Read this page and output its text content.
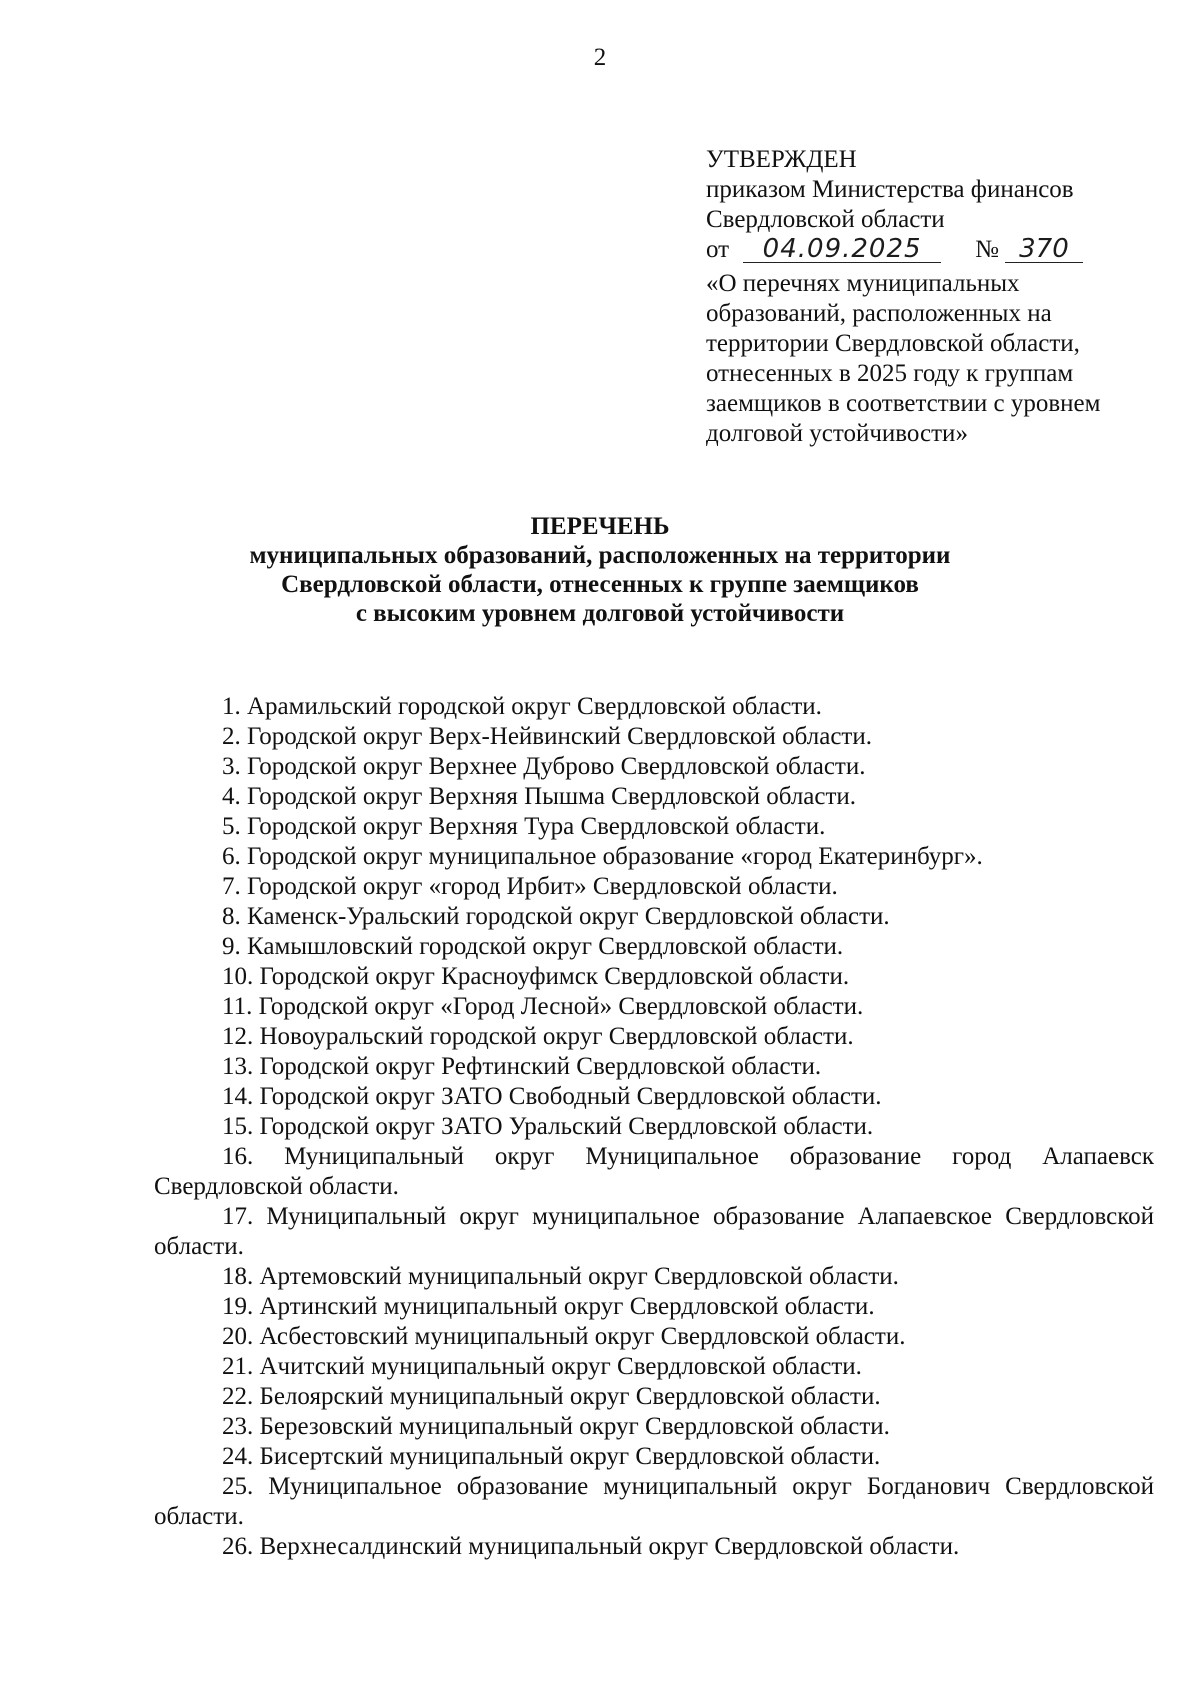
2
УТВЕРЖДЕН
приказом Министерства финансов
Свердловской области
от 04.09.2025 № 370
«О перечнях муниципальных
образований, расположенных на
территории Свердловской области,
отнесенных в 2025 году к группам
заемщиков в соответствии с уровнем
долговой устойчивости»
ПЕРЕЧЕНЬ
муниципальных образований, расположенных на территории
Свердловской области, отнесенных к группе заемщиков
с высоким уровнем долговой устойчивости

1. Арамильский городской округ Свердловской области.

2. Городской округ Верх-Нейвинский Свердловской области.

3. Городской округ Верхнее Дуброво Свердловской области.

4. Городской округ Верхняя Пышма Свердловской области.

5. Городской округ Верхняя Тура Свердловской области.

6. Городской округ муниципальное образование «город Екатеринбург».

7. Городской округ «город Ирбит» Свердловской области.

8. Каменск-Уральский городской округ Свердловской области.

9. Камышловский городской округ Свердловской области.

10. Городской округ Красноуфимск Свердловской области.

11. Городской округ «Город Лесной» Свердловской области.

12. Новоуральский городской округ Свердловской области.

13. Городской округ Рефтинский Свердловской области.

14. Городской округ ЗАТО Свободный Свердловской области.

15. Городской округ ЗАТО Уральский Свердловской области.

16. Муниципальный округ Муниципальное образование город Алапаевск Свердловской области.

17. Муниципальный округ муниципальное образование Алапаевское Свердловской области.

18. Артемовский муниципальный округ Свердловской области.

19. Артинский муниципальный округ Свердловской области.

20. Асбестовский муниципальный округ Свердловской области.

21. Ачитский муниципальный округ Свердловской области.

22. Белоярский муниципальный округ Свердловской области.

23. Березовский муниципальный округ Свердловской области.

24. Бисертский муниципальный округ Свердловской области.

25. Муниципальное образование муниципальный округ Богданович Свердловской области.

26. Верхнесалдинский муниципальный округ Свердловской области.
